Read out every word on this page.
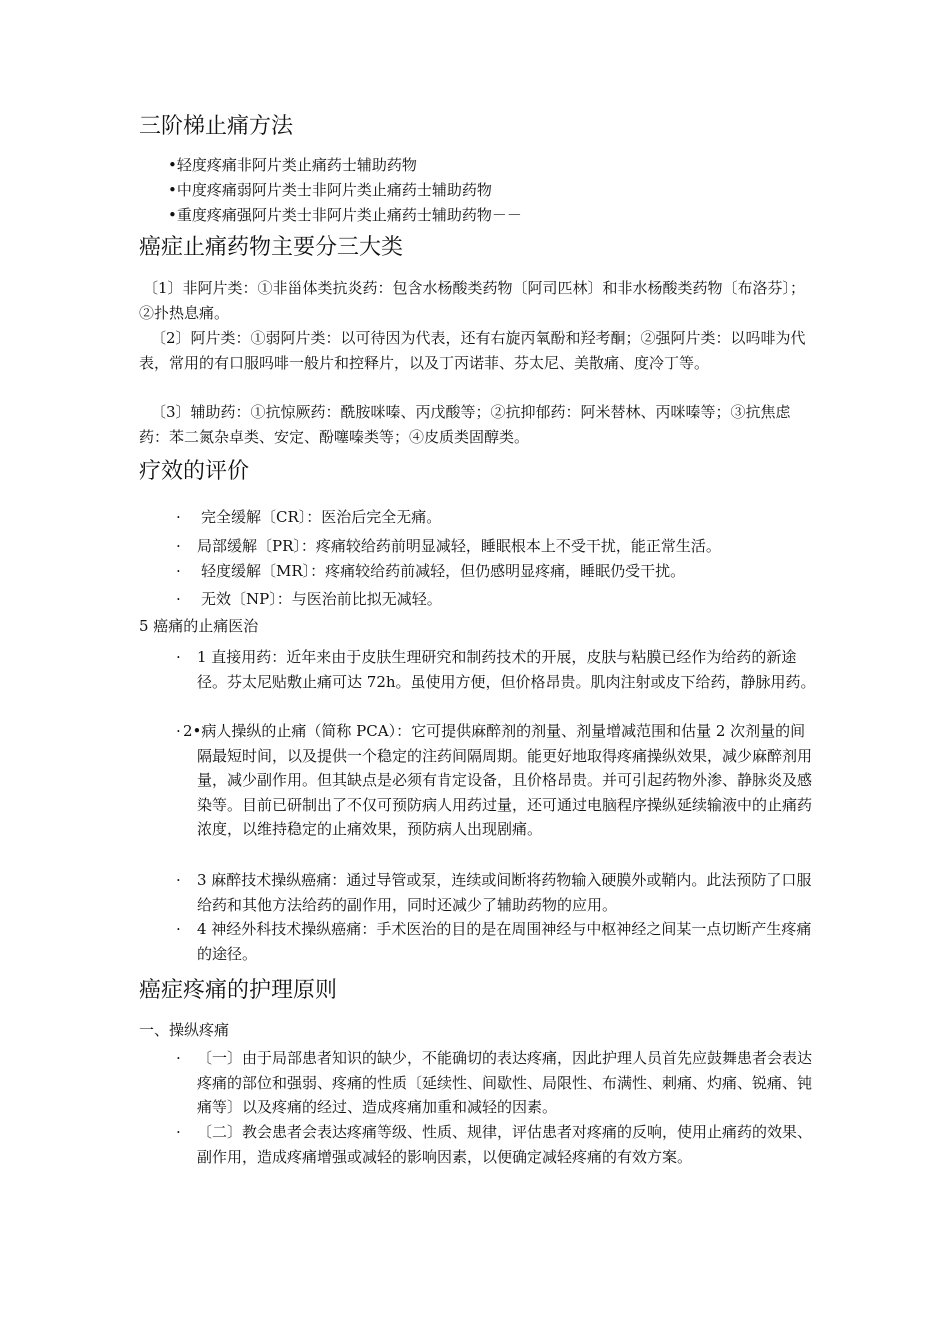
三阶梯止痛方法
•轻度疼痛非阿片类止痛药士辅助药物
•中度疼痛弱阿片类士非阿片类止痛药士辅助药物
•重度疼痛强阿片类士非阿片类止痛药士辅助药物－－
癌症止痛药物主要分三大类
〔1〕非阿片类：①非甾体类抗炎药：包含水杨酸类药物〔阿司匹林〕和非水杨酸类药物〔布洛芬〕；②扑热息痛。
〔2〕阿片类：①弱阿片类：以可待因为代表，还有右旋丙氧酚和羟考酮；②强阿片类：以吗啡为代表，常用的有口服吗啡一般片和控释片，以及丁丙诺菲、芬太尼、美散痛、度冷丁等。
〔3〕辅助药：①抗惊厥药：酰胺咪嗪、丙戊酸等；②抗抑郁药：阿米替林、丙咪嗪等；③抗焦虑药：苯二氮杂卓类、安定、酚噻嗪类等；④皮质类固醇类。
疗效的评价
· 完全缓解〔CR〕：医治后完全无痛。
· 局部缓解〔PR〕：疼痛较给药前明显减轻，睡眠根本上不受干扰，能正常生活。
· 轻度缓解〔MR〕：疼痛较给药前减轻，但仍感明显疼痛，睡眠仍受干扰。
· 无效〔NP〕：与医治前比拟无减轻。
5 癌痛的止痛医治
· 1 直接用药：近年来由于皮肤生理研究和制药技术的开展，皮肤与粘膜已经作为给药的新途径。芬太尼贴敷止痛可达 72h。虽使用方便，但价格昂贵。肌肉注射或皮下给药，静脉用药。
· 2•病人操纵的止痛（简称 PCA）：它可提供麻醉剂的剂量、剂量增减范围和估量 2 次剂量的间隔最短时间，以及提供一个稳定的注药间隔周期。能更好地取得疼痛操纵效果，减少麻醉剂用量，减少副作用。但其缺点是必须有肯定设备，且价格昂贵。并可引起药物外渗、静脉炎及感染等。目前已研制出了不仅可预防病人用药过量，还可通过电脑程序操纵延续输液中的止痛药浓度，以维持稳定的止痛效果，预防病人出现剧痛。
· 3 麻醉技术操纵癌痛：通过导管或泵，连续或间断将药物输入硬膜外或鞘内。此法预防了口服给药和其他方法给药的副作用，同时还减少了辅助药物的应用。
· 4 神经外科技术操纵癌痛：手术医治的目的是在周围神经与中枢神经之间某一点切断产生疼痛的途径。
癌症疼痛的护理原则
一、操纵疼痛
· 〔一〕由于局部患者知识的缺少，不能确切的表达疼痛，因此护理人员首先应鼓舞患者会表达疼痛的部位和强弱、疼痛的性质〔延续性、间歇性、局限性、布满性、刺痛、灼痛、锐痛、钝痛等〕以及疼痛的经过、造成疼痛加重和减轻的因素。
· 〔二〕教会患者会表达疼痛等级、性质、规律，评估患者对疼痛的反响，使用止痛药的效果、副作用，造成疼痛增强或减轻的影响因素，以便确定减轻疼痛的有效方案。
